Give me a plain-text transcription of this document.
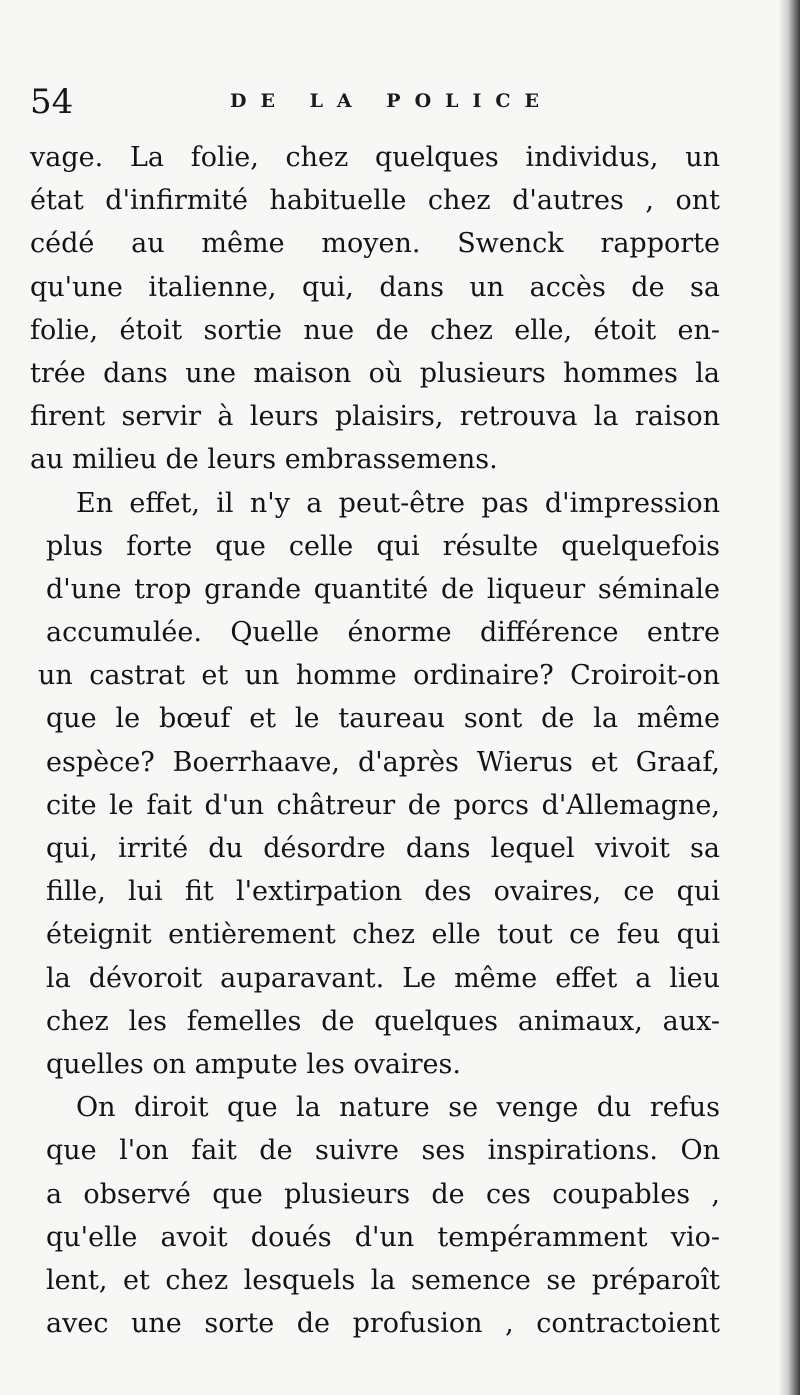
54	DE LA POLICE
vage. La folie, chez quelques individus, un
état d'infirmité habituelle chez d'autres , ont
cédé au même moyen. Swenck rapporte
qu'une italienne, qui, dans un accès de sa
folie, étoit sortie nue de chez elle, étoit en-
trée dans une maison où plusieurs hommes la
firent servir à leurs plaisirs, retrouva la raison
au milieu de leurs embrassemens.
En effet, il n'y a peut-être pas d'impression
plus forte que celle qui résulte quelquefois
d'une trop grande quantité de liqueur séminale
accumulée. Quelle énorme différence entre
un castrat et un homme ordinaire? Croiroit-on
que le bœuf et le taureau sont de la même
espèce? Boerrhaave, d'après Wierus et Graaf,
cite le fait d'un châtreur de porcs d'Allemagne,
qui, irrité du désordre dans lequel vivoit sa
fille, lui fit l'extirpation des ovaires, ce qui
éteignit entièrement chez elle tout ce feu qui
la dévoroit auparavant. Le même effet a lieu
chez les femelles de quelques animaux, aux-
quelles on ampute les ovaires.
On diroit que la nature se venge du refus
que l'on fait de suivre ses inspirations. On
a observé que plusieurs de ces coupables ,
qu'elle avoit doués d'un tempéramment vio-
lent, et chez lesquels la semence se préparoît
avec une sorte de profusion , contractoient
